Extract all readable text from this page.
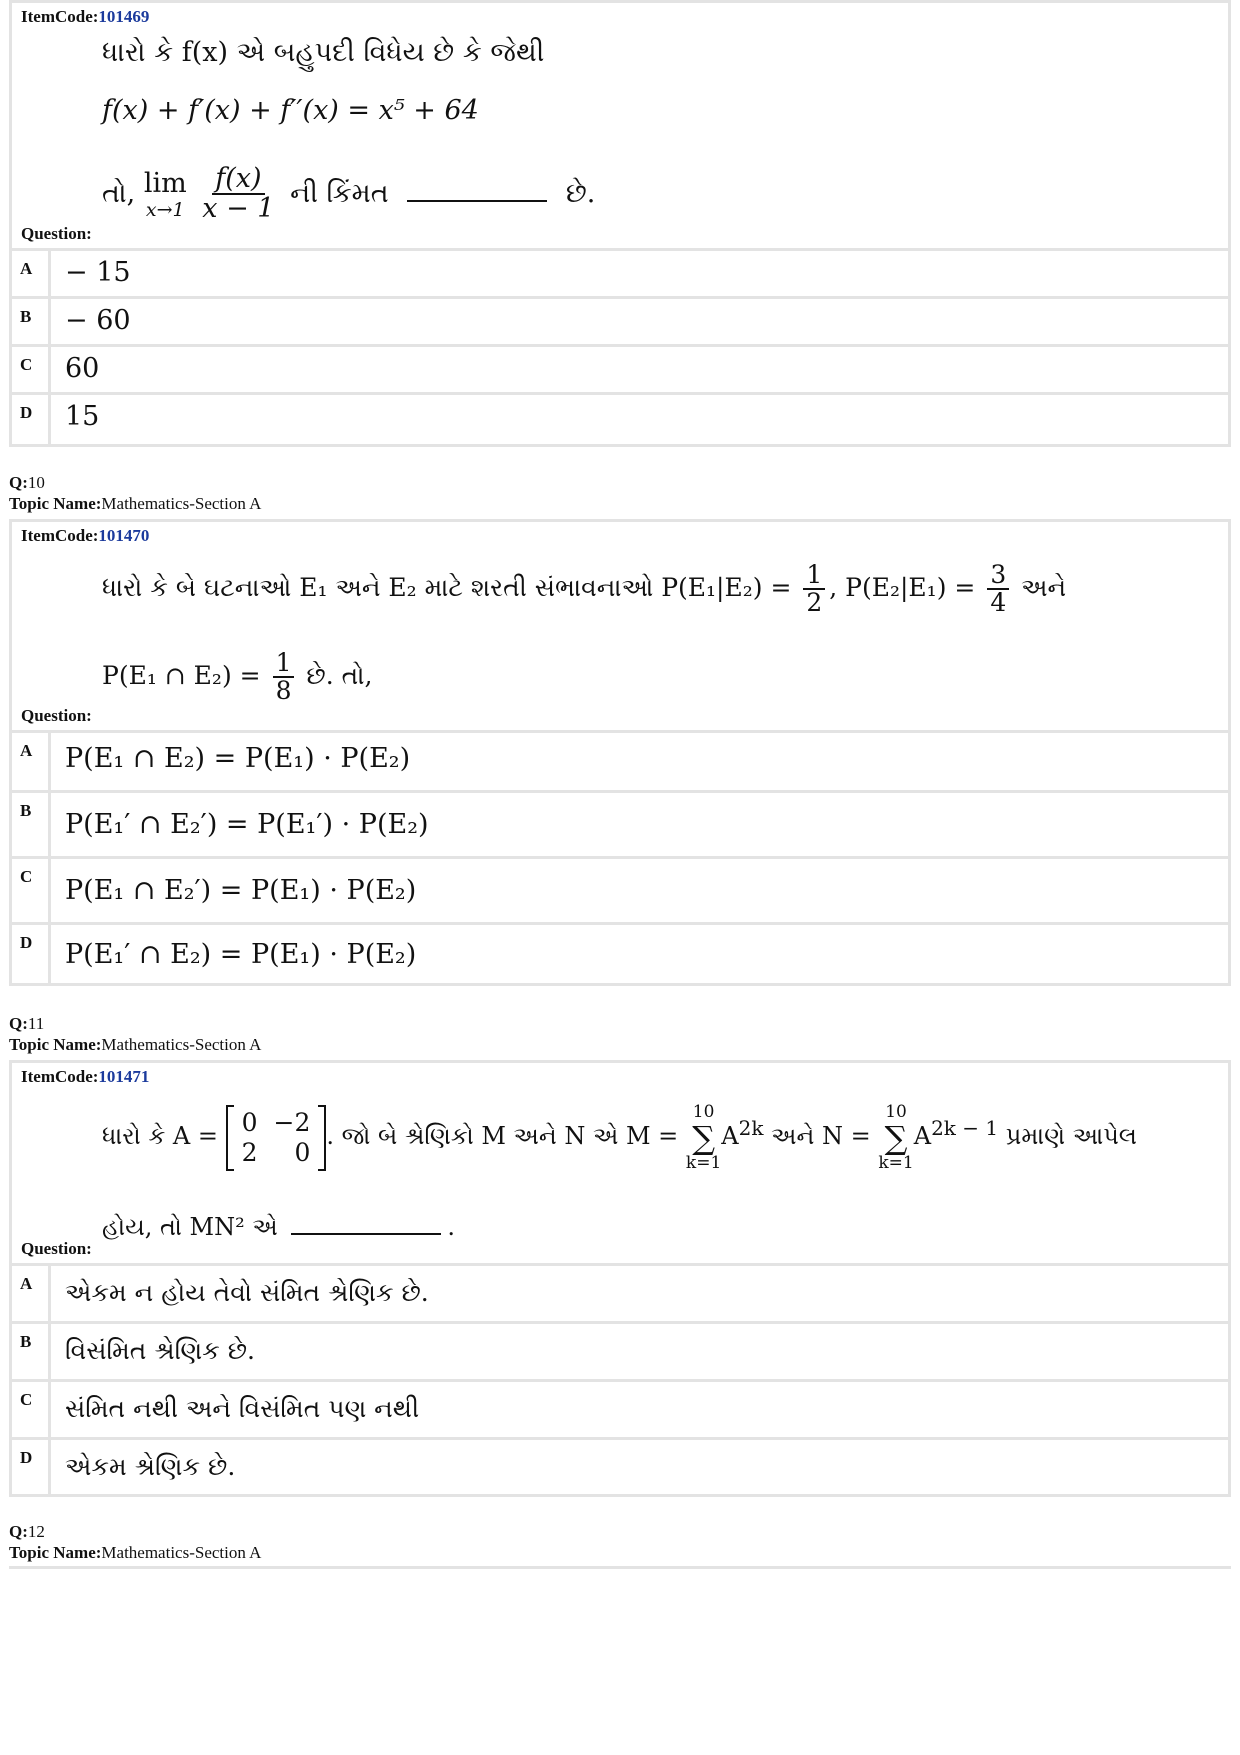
ItemCode:101469
ધારો કે f(x) એ બહુપદી વિધેય છે કે જેથી
f(x) + f′(x) + f′′(x) = x⁵ + 64
તો, lim
x→1
$\frac{f(x)}{x - 1}$ ની કિંમત	છે.
Question:
A	− 15
B	− 60
C	60
D	15
Q:10
Topic Name:Mathematics-Section A
ItemCode:101470
ધારો કે બે ઘટનાઓ E₁ અને E₂ માટે શરતી સંભાવનાઓ $P(E_1|E_2) = \frac{1}{2}$ , $P(E_2|E_1) = \frac{3}{4}$ અને
P(E₁ ∩ $E_2) = \frac{1}{8}$ છે. તો,
Question:
A	P(E₁ ∩ E₂) = P(E₁) · P(E₂)
B	P(E₁′ ∩ E₂′) = P(E₁′) · P(E₂)
C	P(E₁ ∩ E₂′) = P(E₁) · P(E₂)
D	P(E₁′ ∩ E₂) = P(E₁) · P(E₂)
Q:11
Topic Name:Mathematics-Section A
ItemCode:101471
ધારો કે A = 0	−2
2	0
. જો બે શ્રેણિકો M અને N એ M =
10
∑
k=1
$A^{2k}$ અને N =
10
∑
k=1
$A^{2k - 1}$ પ્રમાણે આપેલ
હોય, તો MN² એ	.
Question:
A	એકમ ન હોય તેવો સંમિત શ્રેણિક છે.
B	વિસંમિત શ્રેણિક છે.
C	સંમિત નથી અને વિસંમિત પણ નથી
D	એકમ શ્રેણિક છે.
Q:12
Topic Name:Mathematics-Section A
